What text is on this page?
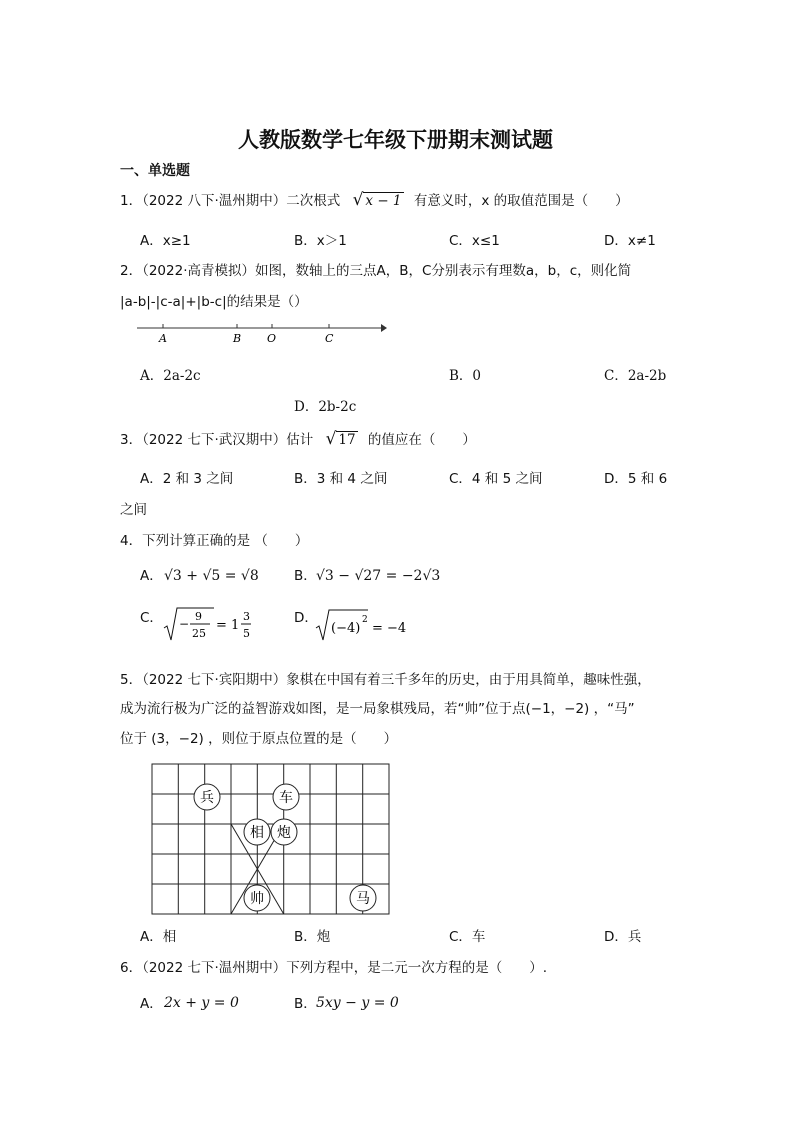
人教版数学七年级下册期末测试题
一、单选题
1．（2022 八下·温州期中）二次根式 √ x − 1 有意义时，x 的取值范围是（　　）
A．x≥1	B．x＞1	C．x≤1	D．x≠1
2．（2022·高青模拟）如图，数轴上的三点A，B，C分别表示有理数a，b，c，则化简
|a-b|-|c-a|+|b-c|的结果是（）
A	B O	C
A．2a-2c	B．0	C．2a-2b
D．2b-2c
3．（2022 七下·武汉期中）估计 √ 17 的值应在（　　）
A．2 和 3 之间	B．3 和 4 之间	C．4 和 5 之间	D．5 和 6
之间
4．下列计算正确的是 （　　）
A． √3 + √5 = √8	B． √3 − √27 = −2√3
C． −
9
25
= 1
3
5
D．
(−4)
2
= −4
5．（2022 七下·宾阳期中）象棋在中国有着三千多年的历史，由于用具简单，趣味性强，
成为流行极为广泛的益智游戏如图，是一局象棋残局，若“帅”位于点(−1，−2) ，“马”
位于 (3，−2) ，则位于原点位置的是（　　）
兵	车
相 炮
帅	马
A．相	B．炮	C．车	D．兵
6．（2022 七下·温州期中）下列方程中，是二元一次方程的是（　　）.
A． 2x + y = 0	B． 5xy − y = 0
